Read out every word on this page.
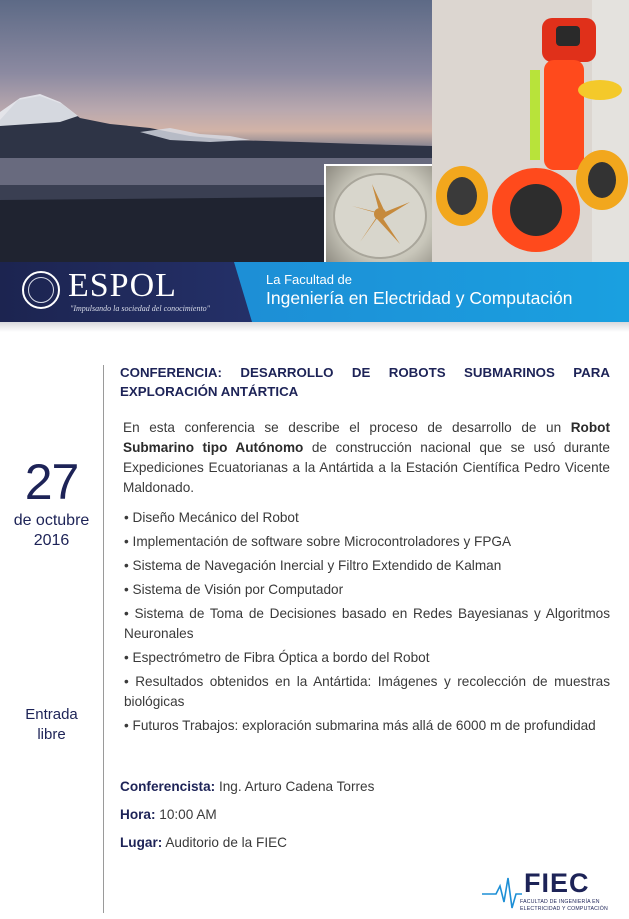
ESPOL
"Impulsando la sociedad del conocimiento"
La Facultad de
Ingeniería en Electridad y Computación
27
de octubre
2016
Entrada
libre
CONFERENCIA: DESARROLLO DE ROBOTS SUBMARINOS PARA
EXPLORACIÓN ANTÁRTICA
En esta conferencia se describe el proceso de desarrollo de un Robot Submarino tipo Autónomo de construcción nacional que se usó durante Expediciones Ecuatorianas a la Antártida a la Estación Científica Pedro Vicente Maldonado.
• Diseño Mecánico del Robot
• Implementación de software sobre Microcontroladores y FPGA
• Sistema de Navegación Inercial y Filtro Extendido de Kalman
• Sistema de Visión por Computador
• Sistema de Toma de Decisiones basado en Redes Bayesianas y Algoritmos Neuronales
• Espectrómetro de Fibra Óptica a bordo del Robot
• Resultados obtenidos en la Antártida: Imágenes y recolección de muestras biológicas
• Futuros Trabajos: exploración submarina más allá de 6000 m de profundidad
Conferencista: Ing. Arturo Cadena Torres
Hora: 10:00 AM
Lugar: Auditorio de la FIEC
FIEC
FACULTAD DE INGENIERÍA EN
ELECTRICIDAD Y COMPUTACIÓN
